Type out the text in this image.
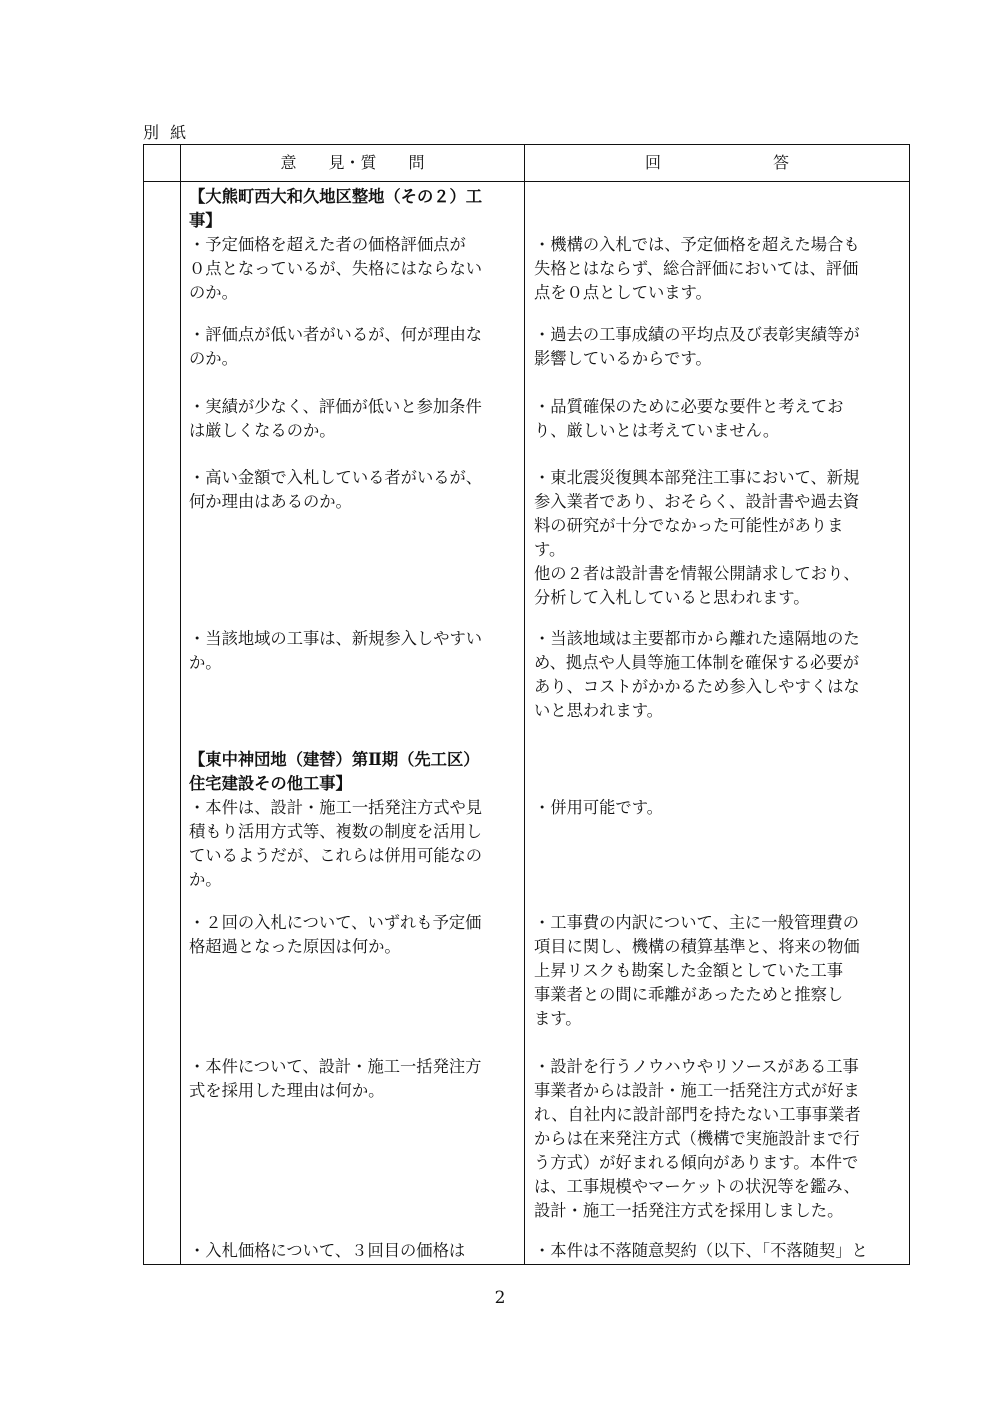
別 紙
意　　見・質　　問	回　　　　　　　答
【大熊町西大和久地区整地（その２）工
事】
・予定価格を超えた者の価格評価点が
０点となっているが、失格にはならない
のか。
・機構の入札では、予定価格を超えた場合も
失格とはならず、総合評価においては、評価
点を０点としています。
・評価点が低い者がいるが、何が理由な
のか。
・過去の工事成績の平均点及び表彰実績等が
影響しているからです。
・実績が少なく、評価が低いと参加条件
は厳しくなるのか。
・品質確保のために必要な要件と考えてお
り、厳しいとは考えていません。
・高い金額で入札している者がいるが、
何か理由はあるのか。
・東北震災復興本部発注工事において、新規
参入業者であり、おそらく、設計書や過去資
料の研究が十分でなかった可能性がありま
す。
他の２者は設計書を情報公開請求しており、
分析して入札していると思われます。
・当該地域の工事は、新規参入しやすい
か。
・当該地域は主要都市から離れた遠隔地のた
め、拠点や人員等施工体制を確保する必要が
あり、コストがかかるため参入しやすくはな
いと思われます。
【東中神団地（建替）第Ⅱ期（先工区）
住宅建設その他工事】
・本件は、設計・施工一括発注方式や見
積もり活用方式等、複数の制度を活用し
ているようだが、これらは併用可能なの
か。
・併用可能です。
・２回の入札について、いずれも予定価
格超過となった原因は何か。
・工事費の内訳について、主に一般管理費の
項目に関し、機構の積算基準と、将来の物価
上昇リスクも勘案した金額としていた工事
事業者との間に乖離があったためと推察し
ます。
・本件について、設計・施工一括発注方
式を採用した理由は何か。
・設計を行うノウハウやリソースがある工事
事業者からは設計・施工一括発注方式が好ま
れ、自社内に設計部門を持たない工事事業者
からは在来発注方式（機構で実施設計まで行
う方式）が好まれる傾向があります。本件で
は、工事規模やマーケットの状況等を鑑み、
設計・施工一括発注方式を採用しました。
・入札価格について、３回目の価格は	・本件は不落随意契約（以下、「不落随契」と
2
